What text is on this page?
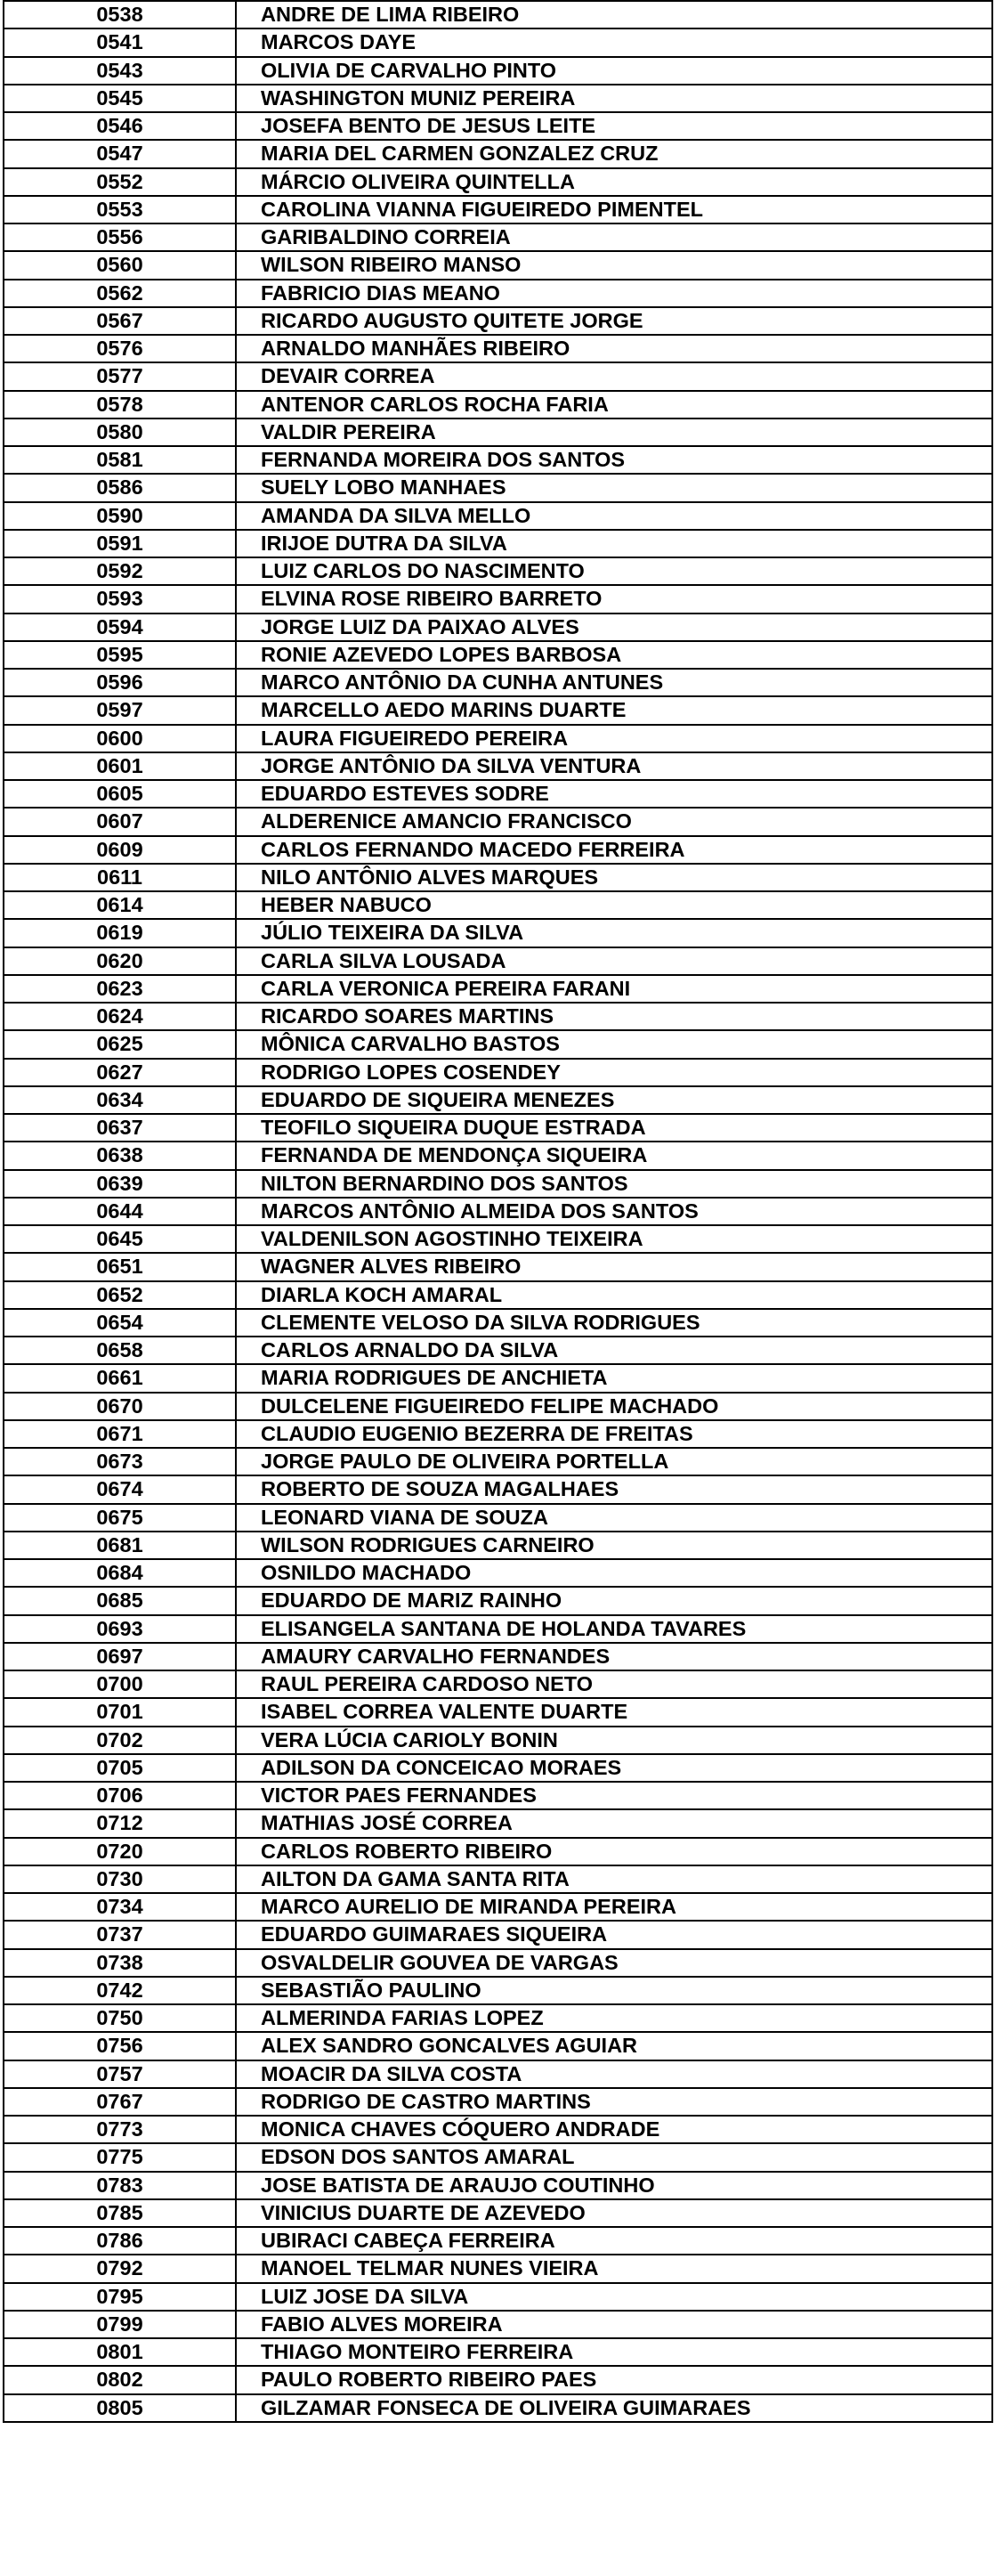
0538	ANDRE DE LIMA RIBEIRO
0541	MARCOS DAYE
0543	OLIVIA DE CARVALHO PINTO
0545	WASHINGTON MUNIZ PEREIRA
0546	JOSEFA BENTO DE JESUS LEITE
0547	MARIA DEL CARMEN GONZALEZ CRUZ
0552	MÁRCIO OLIVEIRA QUINTELLA
0553	CAROLINA VIANNA FIGUEIREDO PIMENTEL
0556	GARIBALDINO CORREIA
0560	WILSON RIBEIRO MANSO
0562	FABRICIO DIAS MEANO
0567	RICARDO AUGUSTO QUITETE JORGE
0576	ARNALDO MANHÃES RIBEIRO
0577	DEVAIR CORREA
0578	ANTENOR CARLOS ROCHA FARIA
0580	VALDIR PEREIRA
0581	FERNANDA MOREIRA DOS SANTOS
0586	SUELY LOBO MANHAES
0590	AMANDA DA SILVA MELLO
0591	IRIJOE DUTRA DA SILVA
0592	LUIZ CARLOS DO NASCIMENTO
0593	ELVINA ROSE RIBEIRO BARRETO
0594	JORGE LUIZ DA PAIXAO ALVES
0595	RONIE AZEVEDO LOPES BARBOSA
0596	MARCO ANTÔNIO DA CUNHA ANTUNES
0597	MARCELLO AEDO MARINS DUARTE
0600	LAURA FIGUEIREDO PEREIRA
0601	JORGE ANTÔNIO DA SILVA VENTURA
0605	EDUARDO ESTEVES SODRE
0607	ALDERENICE AMANCIO FRANCISCO
0609	CARLOS FERNANDO MACEDO FERREIRA
0611	NILO ANTÔNIO ALVES MARQUES
0614	HEBER NABUCO
0619	JÚLIO TEIXEIRA DA SILVA
0620	CARLA SILVA LOUSADA
0623	CARLA VERONICA PEREIRA FARANI
0624	RICARDO SOARES MARTINS
0625	MÔNICA CARVALHO BASTOS
0627	RODRIGO LOPES COSENDEY
0634	EDUARDO DE SIQUEIRA MENEZES
0637	TEOFILO SIQUEIRA DUQUE ESTRADA
0638	FERNANDA DE MENDONÇA SIQUEIRA
0639	NILTON BERNARDINO DOS SANTOS
0644	MARCOS ANTÔNIO ALMEIDA DOS SANTOS
0645	VALDENILSON AGOSTINHO TEIXEIRA
0651	WAGNER ALVES RIBEIRO
0652	DIARLA KOCH AMARAL
0654	CLEMENTE VELOSO DA SILVA RODRIGUES
0658	CARLOS ARNALDO DA SILVA
0661	MARIA RODRIGUES DE ANCHIETA
0670	DULCELENE FIGUEIREDO FELIPE MACHADO
0671	CLAUDIO EUGENIO BEZERRA DE FREITAS
0673	JORGE PAULO DE OLIVEIRA PORTELLA
0674	ROBERTO DE SOUZA MAGALHAES
0675	LEONARD VIANA DE SOUZA
0681	WILSON RODRIGUES CARNEIRO
0684	OSNILDO MACHADO
0685	EDUARDO DE MARIZ RAINHO
0693	ELISANGELA SANTANA DE HOLANDA TAVARES
0697	AMAURY CARVALHO FERNANDES
0700	RAUL PEREIRA CARDOSO NETO
0701	ISABEL CORREA VALENTE DUARTE
0702	VERA LÚCIA CARIOLY BONIN
0705	ADILSON DA CONCEICAO MORAES
0706	VICTOR PAES FERNANDES
0712	MATHIAS JOSÉ CORREA
0720	CARLOS ROBERTO RIBEIRO
0730	AILTON DA GAMA SANTA RITA
0734	MARCO AURELIO DE MIRANDA PEREIRA
0737	EDUARDO GUIMARAES SIQUEIRA
0738	OSVALDELIR GOUVEA DE VARGAS
0742	SEBASTIÃO PAULINO
0750	ALMERINDA FARIAS LOPEZ
0756	ALEX SANDRO GONCALVES AGUIAR
0757	MOACIR DA SILVA COSTA
0767	RODRIGO DE CASTRO MARTINS
0773	MONICA CHAVES CÓQUERO ANDRADE
0775	EDSON DOS SANTOS AMARAL
0783	JOSE BATISTA DE ARAUJO COUTINHO
0785	VINICIUS DUARTE DE AZEVEDO
0786	UBIRACI CABEÇA FERREIRA
0792	MANOEL TELMAR NUNES VIEIRA
0795	LUIZ JOSE DA SILVA
0799	FABIO ALVES MOREIRA
0801	THIAGO MONTEIRO FERREIRA
0802	PAULO ROBERTO RIBEIRO PAES
0805	GILZAMAR FONSECA DE OLIVEIRA GUIMARAES
